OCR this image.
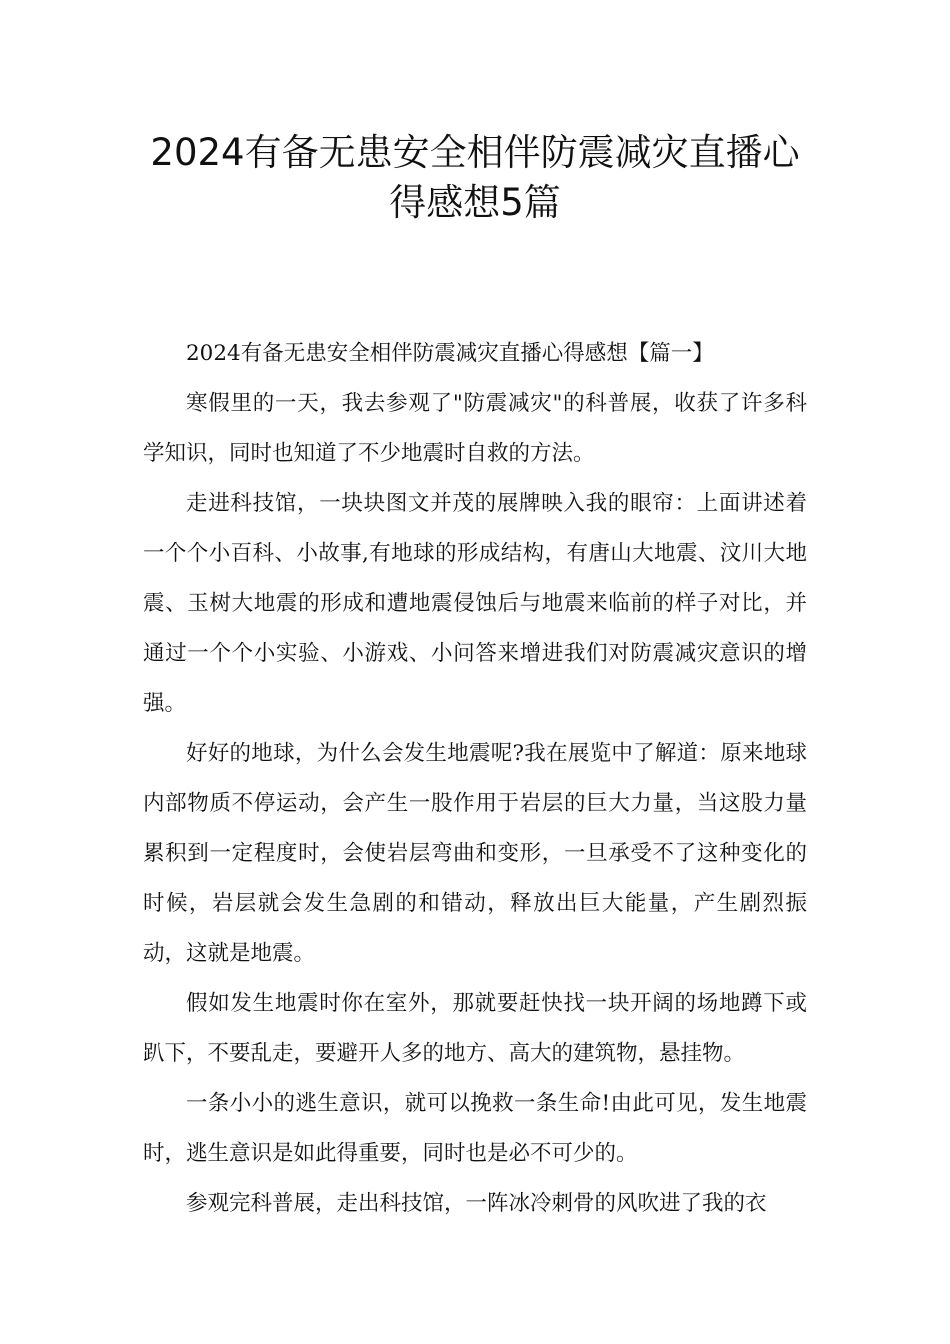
2024有备无患安全相伴防震减灾直播心得感想5篇

2024有备无患安全相伴防震减灾直播心得感想【篇一】

寒假里的一天，我去参观了"防震减灾"的科普展，收获了许多科学知识，同时也知道了不少地震时自救的方法。

走进科技馆，一块块图文并茂的展牌映入我的眼帘：上面讲述着一个个小百科、小故事,有地球的形成结构，有唐山大地震、汶川大地震、玉树大地震的形成和遭地震侵蚀后与地震来临前的样子对比，并通过一个个小实验、小游戏、小问答来增进我们对防震减灾意识的增强。

好好的地球，为什么会发生地震呢?我在展览中了解道：原来地球内部物质不停运动，会产生一股作用于岩层的巨大力量，当这股力量累积到一定程度时，会使岩层弯曲和变形，一旦承受不了这种变化的时候，岩层就会发生急剧的和错动，释放出巨大能量，产生剧烈振动，这就是地震。

假如发生地震时你在室外，那就要赶快找一块开阔的场地蹲下或趴下，不要乱走，要避开人多的地方、高大的建筑物，悬挂物。

一条小小的逃生意识，就可以挽救一条生命!由此可见，发生地震时，逃生意识是如此得重要，同时也是必不可少的。

参观完科普展，走出科技馆，一阵冰冷刺骨的风吹进了我的衣
